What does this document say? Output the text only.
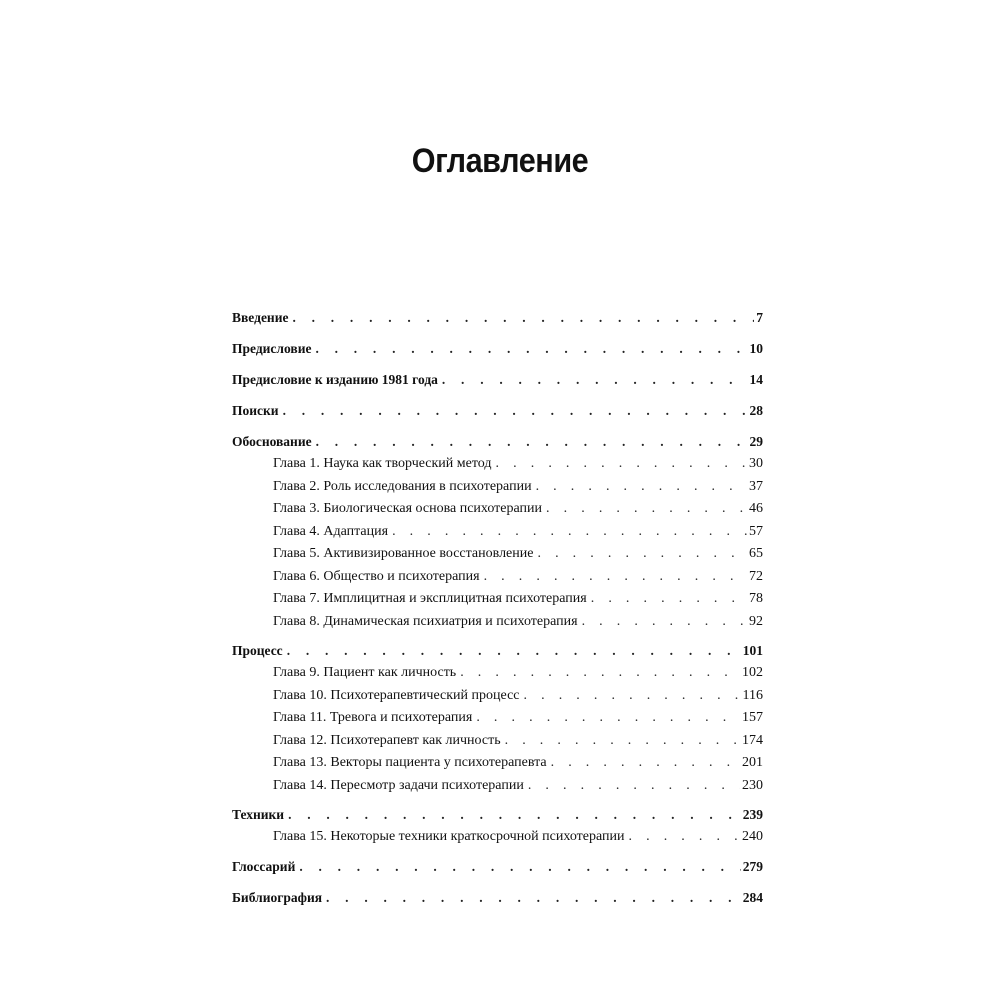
Оглавление
Введение . . .	7
Предисловие . . .	10
Предисловие к изданию 1981 года . . .	14
Поиски . . .	28
Обоснование . . .	29
Глава 1. Наука как творческий метод . . .	30
Глава 2. Роль исследования в психотерапии . . .	37
Глава 3. Биологическая основа психотерапии . . .	46
Глава 4. Адаптация . . .	57
Глава 5. Активизированное восстановление . . .	65
Глава 6. Общество и психотерапия . . .	72
Глава 7. Имплицитная и эксплицитная психотерапия . . .	78
Глава 8. Динамическая психиатрия и психотерапия . . .	92
Процесс . . .	101
Глава 9. Пациент как личность . . .	102
Глава 10. Психотерапевтический процесс . . .	116
Глава 11. Тревога и психотерапия . . .	157
Глава 12. Психотерапевт как личность . . .	174
Глава 13. Векторы пациента у психотерапевта . . .	201
Глава 14. Пересмотр задачи психотерапии . . .	230
Техники . . .	239
Глава 15. Некоторые техники краткосрочной психотерапии . . .	240
Глоссарий . . .	279
Библиография . . .	284
